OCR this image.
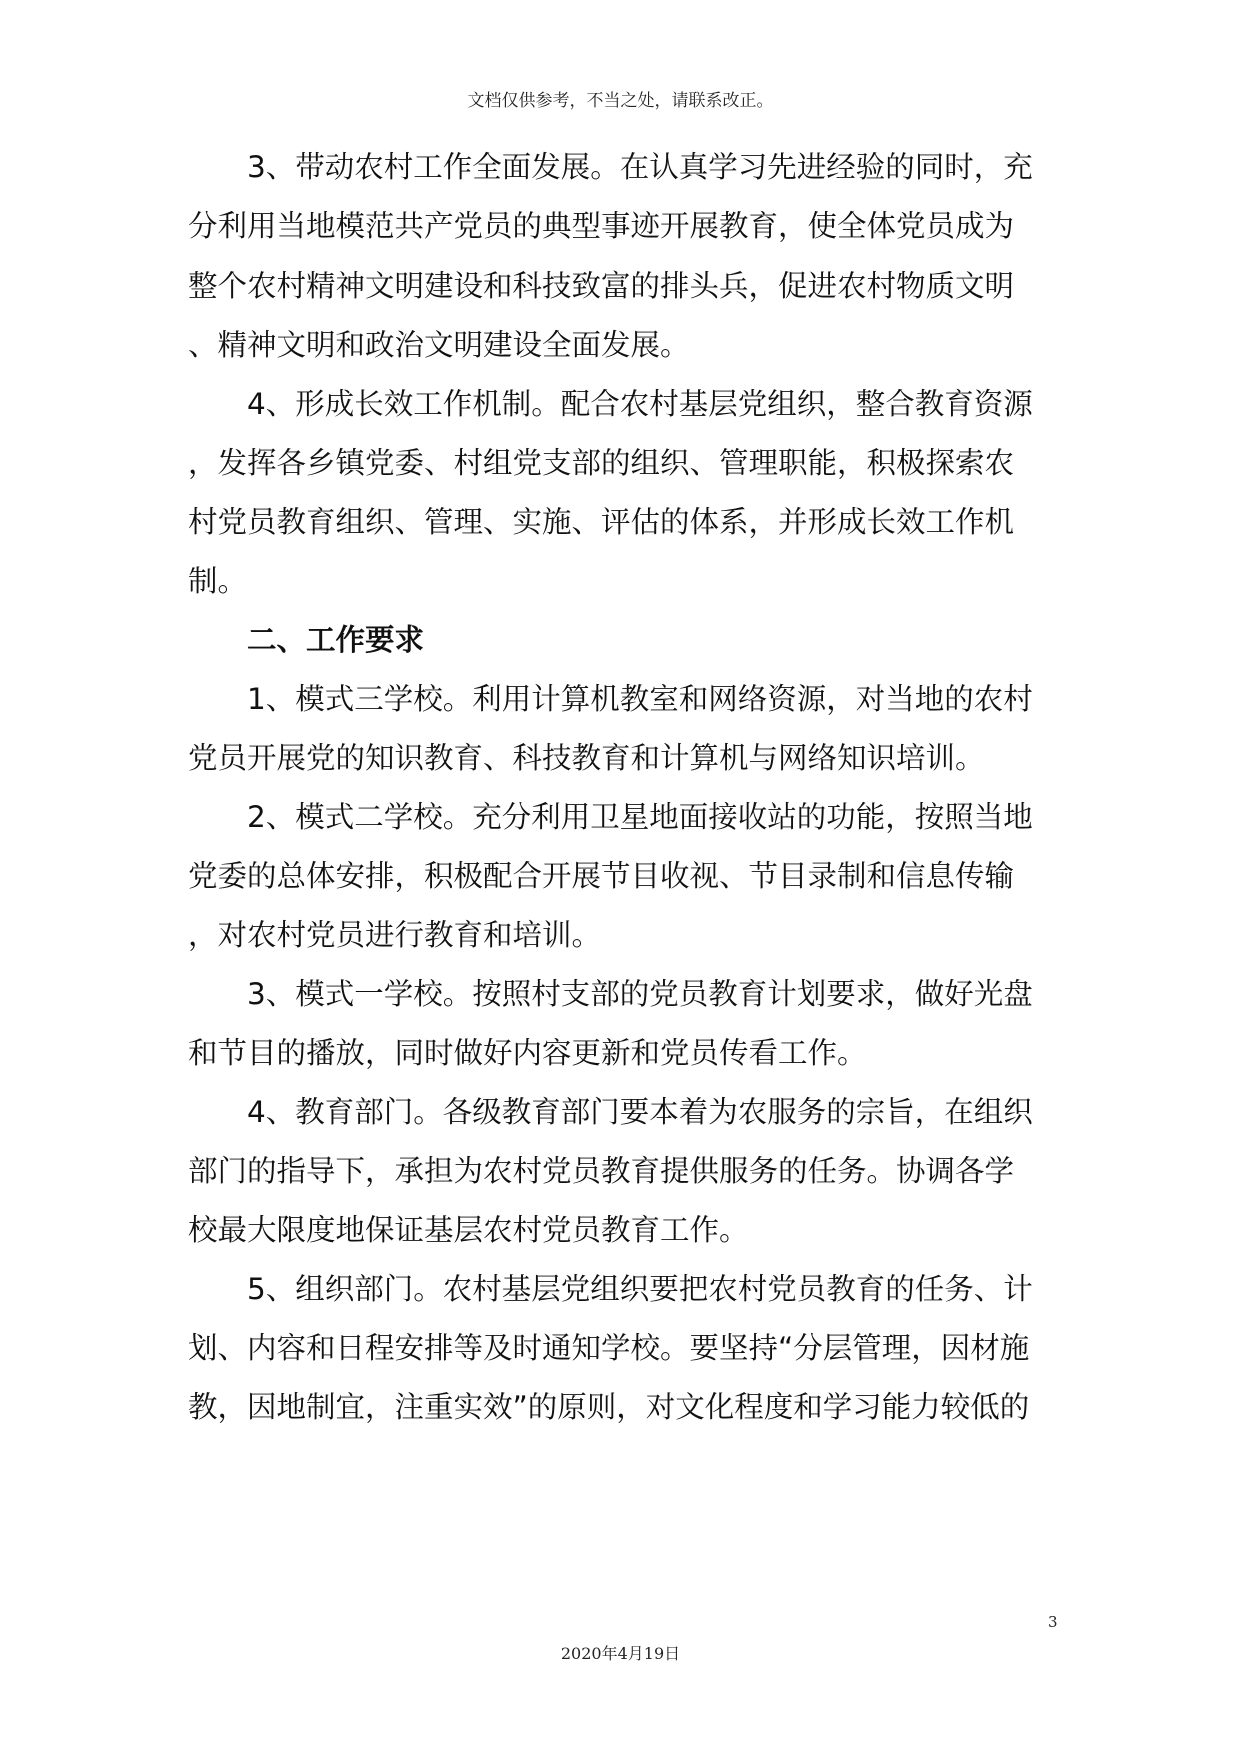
文档仅供参考，不当之处，请联系改正。
　　3、带动农村工作全面发展。在认真学习先进经验的同时，充
分利用当地模范共产党员的典型事迹开展教育，使全体党员成为
整个农村精神文明建设和科技致富的排头兵，促进农村物质文明
、精神文明和政治文明建设全面发展。
　　4、形成长效工作机制。配合农村基层党组织，整合教育资源
，发挥各乡镇党委、村组党支部的组织、管理职能，积极探索农
村党员教育组织、管理、实施、评估的体系，并形成长效工作机
制。
　　二、工作要求
　　1、模式三学校。利用计算机教室和网络资源，对当地的农村
党员开展党的知识教育、科技教育和计算机与网络知识培训。
　　2、模式二学校。充分利用卫星地面接收站的功能，按照当地
党委的总体安排，积极配合开展节目收视、节目录制和信息传输
，对农村党员进行教育和培训。
　　3、模式一学校。按照村支部的党员教育计划要求，做好光盘
和节目的播放，同时做好内容更新和党员传看工作。
　　4、教育部门。各级教育部门要本着为农服务的宗旨，在组织
部门的指导下，承担为农村党员教育提供服务的任务。协调各学
校最大限度地保证基层农村党员教育工作。
　　5、组织部门。农村基层党组织要把农村党员教育的任务、计
划、内容和日程安排等及时通知学校。要坚持“分层管理，因材施
教，因地制宜，注重实效”的原则，对文化程度和学习能力较低的
3
2020年4月19日
